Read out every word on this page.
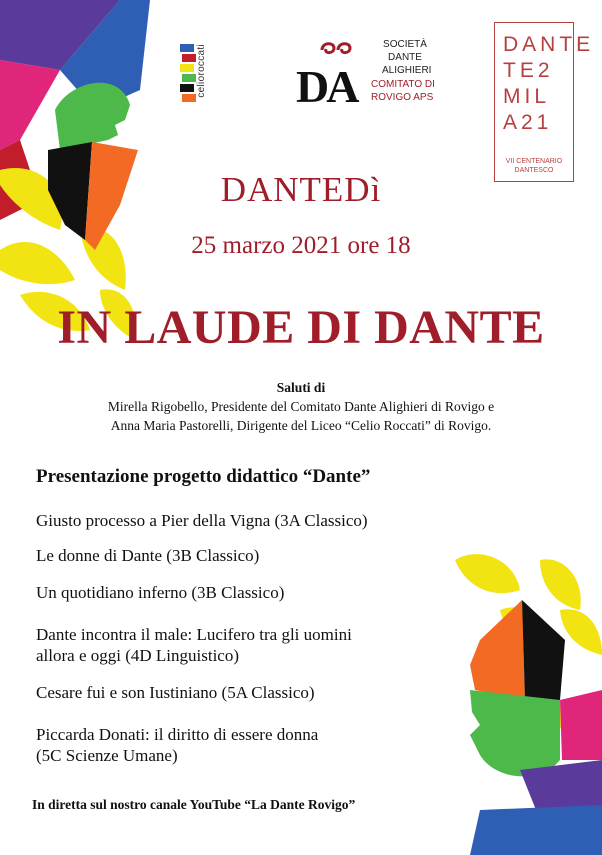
celioroccati DA
SOCIETÀ
DANTE
ALIGHIERI
COMITATO DI
ROVIGO APS
DANTE
TE2
MIL
A21
VII CENTENARIO
DANTESCO
DANTEDì
25 marzo 2021 ore 18
IN LAUDE DI DANTE
Saluti di
Mirella Rigobello, Presidente del Comitato Dante Alighieri di Rovigo e
Anna Maria Pastorelli, Dirigente del Liceo “Celio Roccati” di Rovigo.
Presentazione progetto didattico “Dante”
Giusto processo a Pier della Vigna (3A Classico)
Le donne di Dante (3B Classico)
Un quotidiano inferno (3B Classico)
Dante incontra il male: Lucifero tra gli uomini
allora e oggi (4D Linguistico)
Cesare fui e son Iustiniano (5A Classico)
Piccarda Donati: il diritto di essere donna
(5C Scienze Umane)
In diretta sul nostro canale YouTube “La Dante Rovigo”
